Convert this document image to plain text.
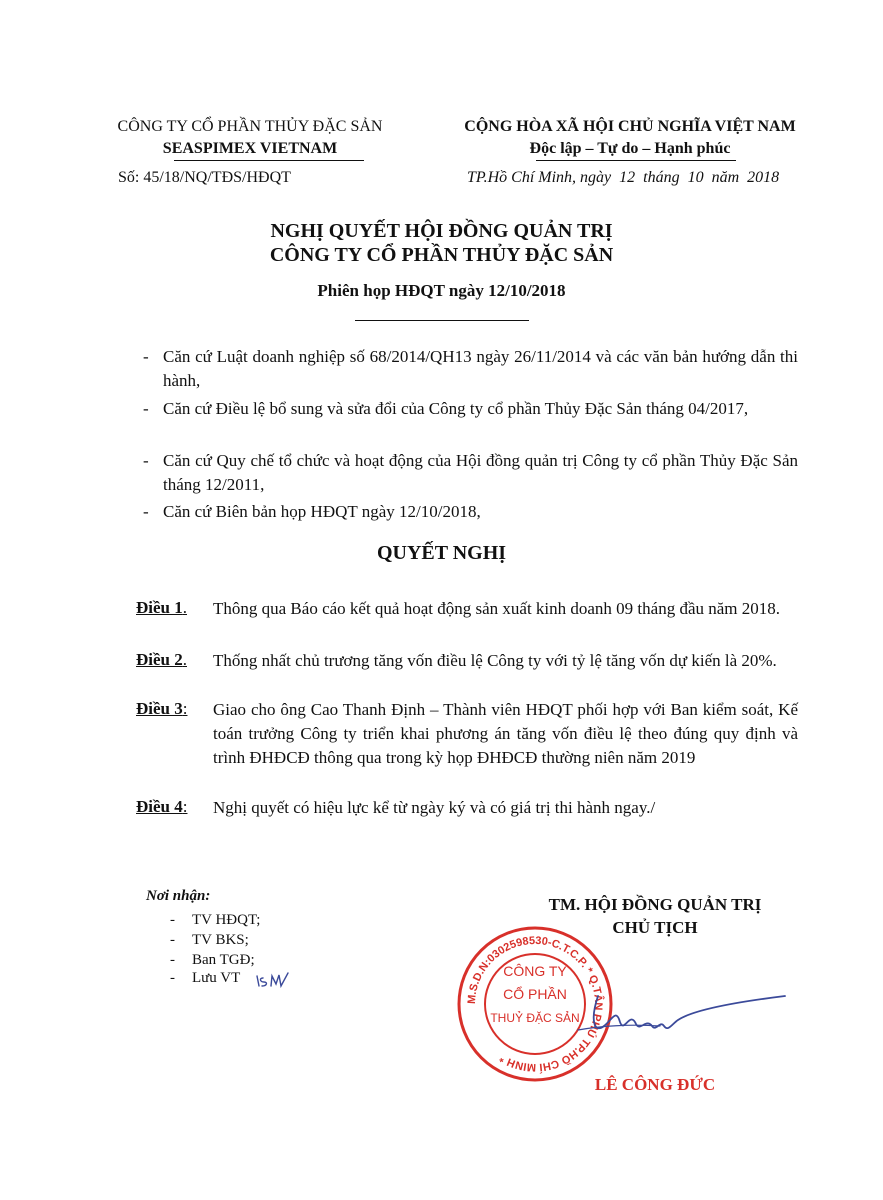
CÔNG TY CỔ PHẦN THỦY ĐẶC SẢN
SEASPIMEX VIETNAM
Số: 45/18/NQ/TĐS/HĐQT
CỘNG HÒA XÃ HỘI CHỦ NGHĨA VIỆT NAM
Độc lập – Tự do – Hạnh phúc
TP.Hồ Chí Minh, ngày  12  tháng  10  năm  2018
NGHỊ QUYẾT HỘI ĐỒNG QUẢN TRỊ
CÔNG TY CỔ PHẦN THỦY ĐẶC SẢN
Phiên họp HĐQT ngày 12/10/2018
- Căn cứ Luật doanh nghiệp số 68/2014/QH13 ngày 26/11/2014 và các văn bản hướng dẫn thi hành,
- Căn cứ Điều lệ bổ sung và sửa đổi của Công ty cổ phần Thủy Đặc Sản tháng 04/2017,
- Căn cứ Quy chế tổ chức và hoạt động của Hội đồng quản trị Công ty cổ phần Thủy Đặc Sản tháng 12/2011,
- Căn cứ Biên bản họp HĐQT ngày 12/10/2018,
QUYẾT NGHỊ
Điều 1. Thông qua Báo cáo kết quả hoạt động sản xuất kinh doanh 09 tháng đầu năm 2018.
Điều 2. Thống nhất chủ trương tăng vốn điều lệ Công ty với tỷ lệ tăng vốn dự kiến là 20%.
Điều 3: Giao cho ông Cao Thanh Định – Thành viên HĐQT phối hợp với Ban kiểm soát, Kế toán trưởng Công ty triển khai phương án tăng vốn điều lệ theo đúng quy định và trình ĐHĐCĐ thông qua trong kỳ họp ĐHĐCĐ thường niên năm 2019
Điều 4: Nghị quyết có hiệu lực kể từ ngày ký và có giá trị thi hành ngay./
Nơi nhận:
- TV HĐQT;
- TV BKS;
- Ban TGĐ;
- Lưu VT
TM. HỘI ĐỒNG QUẢN TRỊ
CHỦ TỊCH
M.S.D.N:0302598530-C.T.C.P. * Q.TÂN PHÚ TP.HỒ CHÍ MINH *
CÔNG TY
CỔ PHẦN
THUỶ ĐẶC SẢN
LÊ CÔNG ĐỨC
